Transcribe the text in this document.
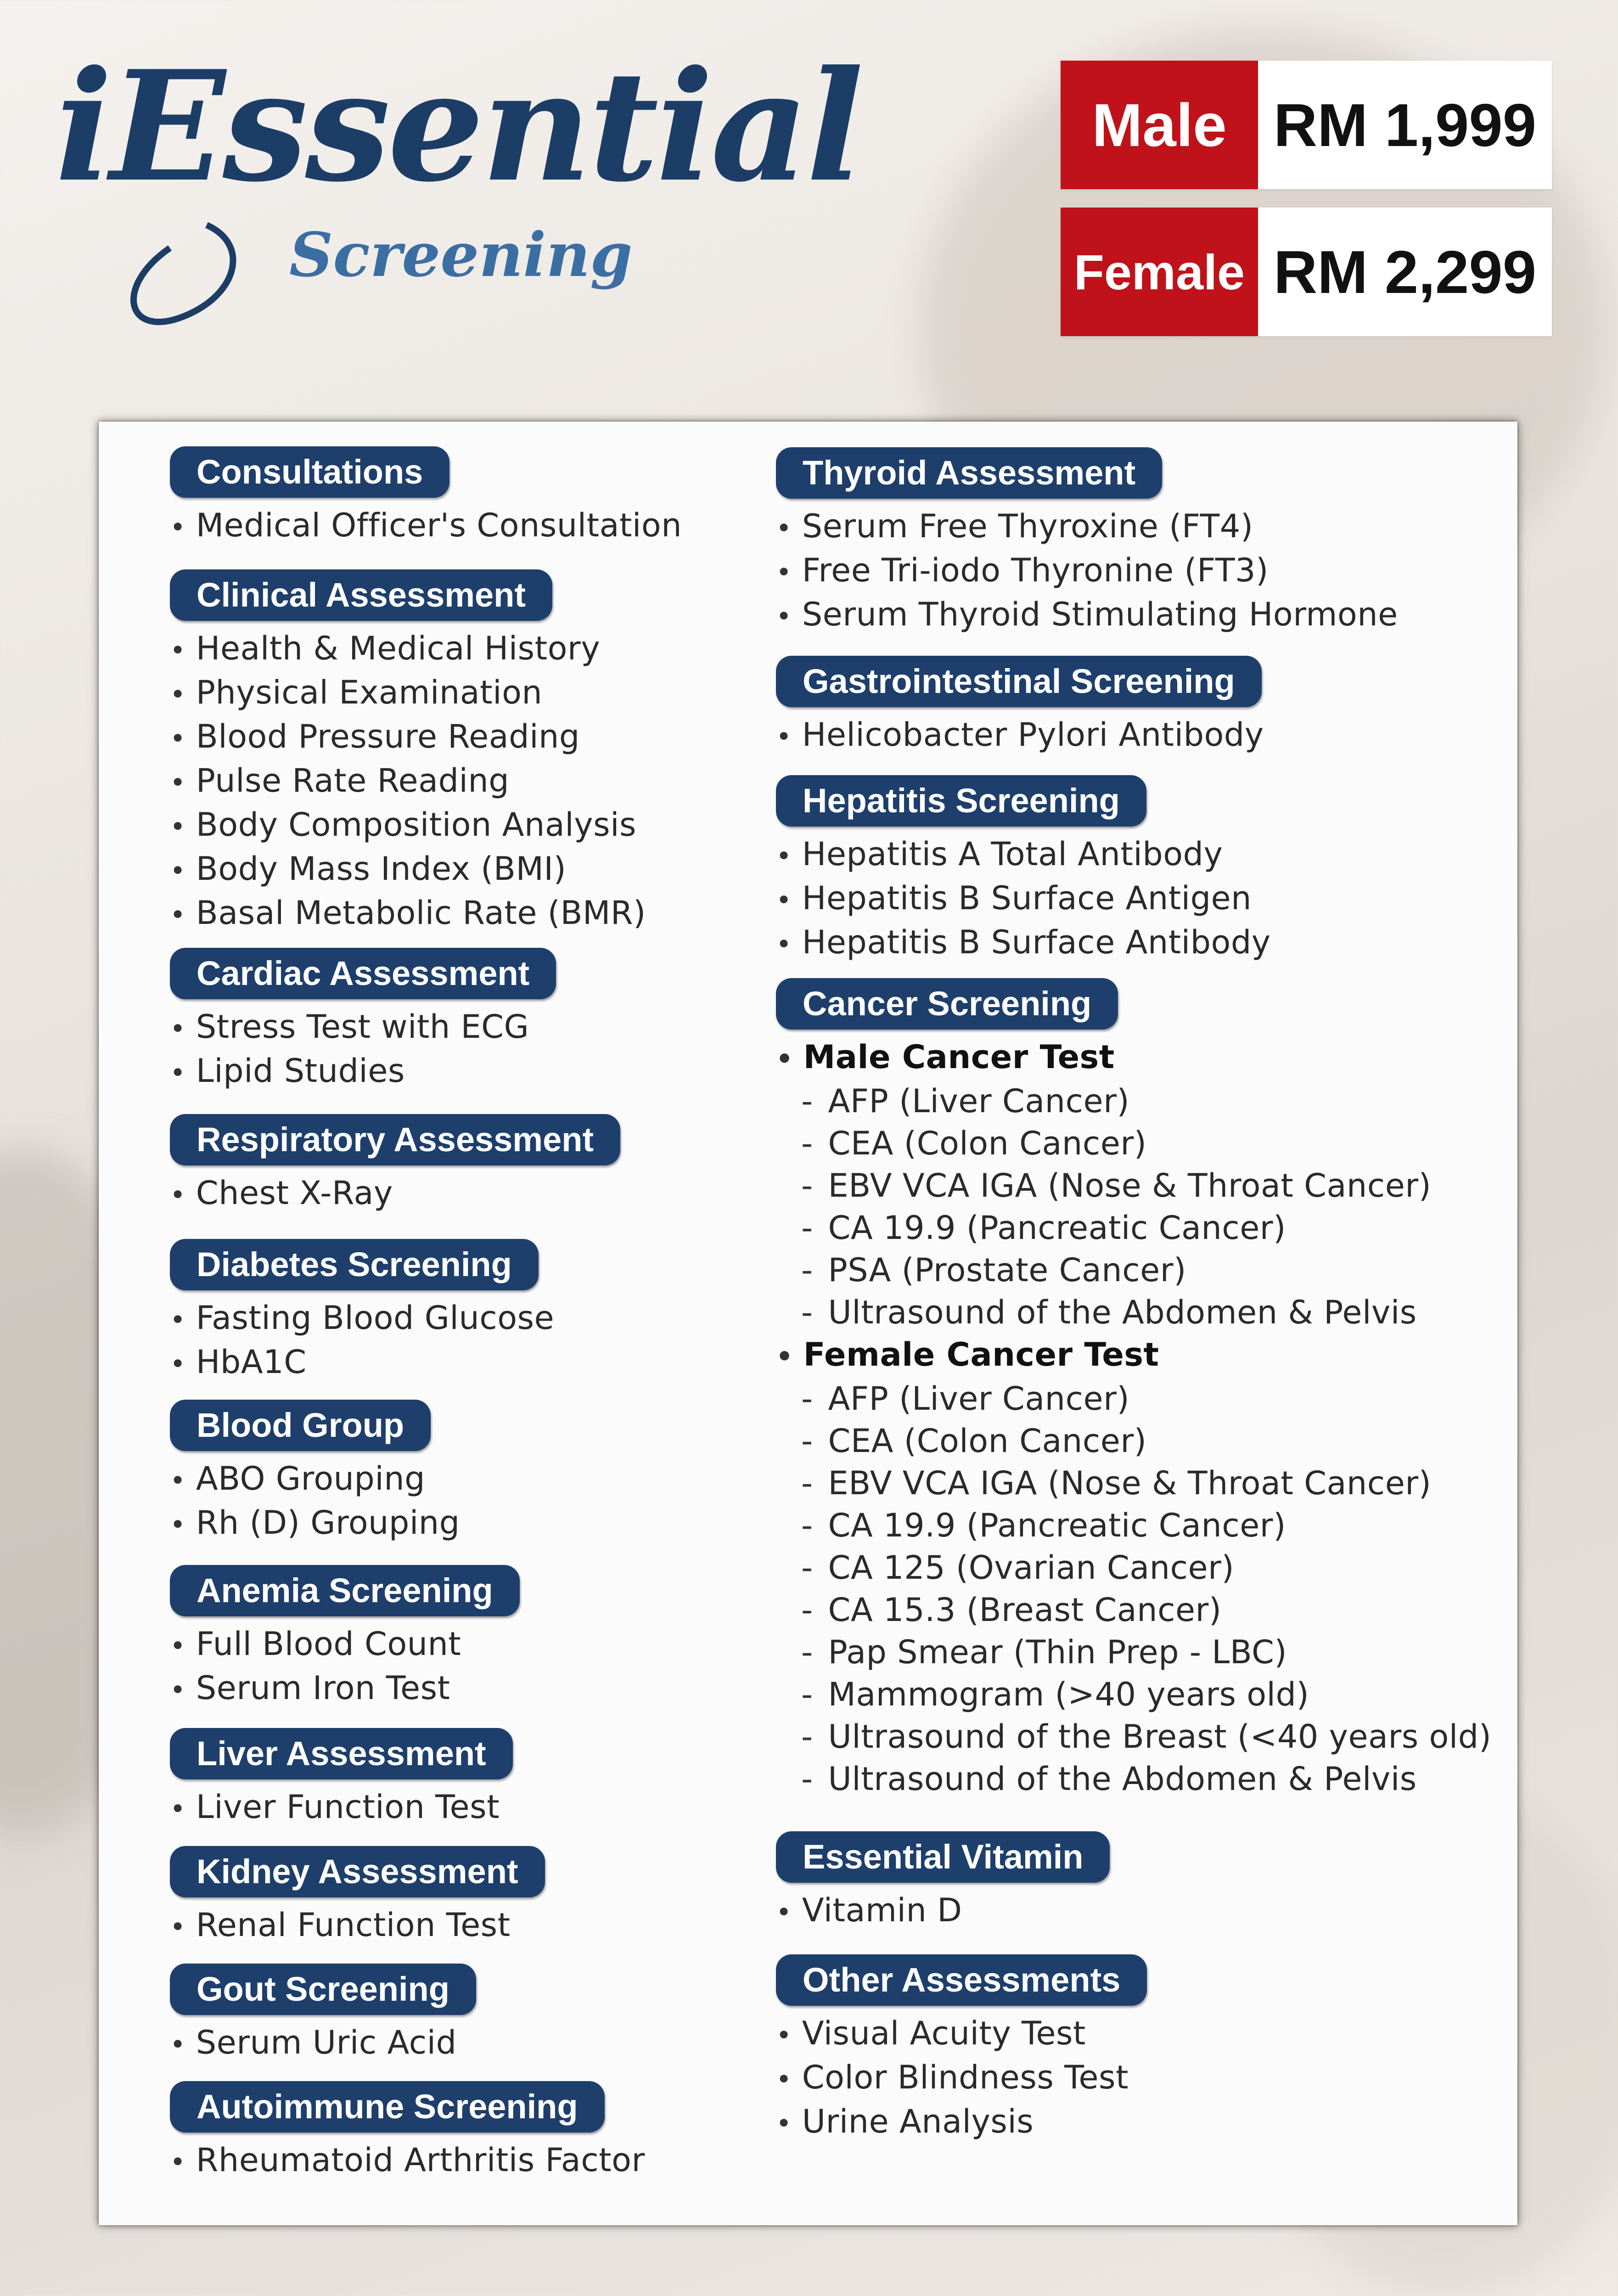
iEssential
Screening
Male RM 1,999
Female RM 2,299
Consultations
• Medical Officer's Consultation
Clinical Assessment
• Health & Medical History
• Physical Examination
• Blood Pressure Reading
• Pulse Rate Reading
• Body Composition Analysis
• Body Mass Index (BMI)
• Basal Metabolic Rate (BMR)
Cardiac Assessment
• Stress Test with ECG
• Lipid Studies
Respiratory Assessment
• Chest X-Ray
Diabetes Screening
• Fasting Blood Glucose
• HbA1C
Blood Group
• ABO Grouping
• Rh (D) Grouping
Anemia Screening
• Full Blood Count
• Serum Iron Test
Liver Assessment
• Liver Function Test
Kidney Assessment
• Renal Function Test
Gout Screening
• Serum Uric Acid
Autoimmune Screening
• Rheumatoid Arthritis Factor
Thyroid Assessment
• Serum Free Thyroxine (FT4)
• Free Tri-iodo Thyronine (FT3)
• Serum Thyroid Stimulating Hormone
Gastrointestinal Screening
• Helicobacter Pylori Antibody
Hepatitis Screening
• Hepatitis A Total Antibody
• Hepatitis B Surface Antigen
• Hepatitis B Surface Antibody
Cancer Screening
• Male Cancer Test
- AFP (Liver Cancer)
- CEA (Colon Cancer)
- EBV VCA IGA (Nose & Throat Cancer)
- CA 19.9 (Pancreatic Cancer)
- PSA (Prostate Cancer)
- Ultrasound of the Abdomen & Pelvis
• Female Cancer Test
- AFP (Liver Cancer)
- CEA (Colon Cancer)
- EBV VCA IGA (Nose & Throat Cancer)
- CA 19.9 (Pancreatic Cancer)
- CA 125 (Ovarian Cancer)
- CA 15.3 (Breast Cancer)
- Pap Smear (Thin Prep - LBC)
- Mammogram (>40 years old)
- Ultrasound of the Breast (<40 years old)
- Ultrasound of the Abdomen & Pelvis
Essential Vitamin
• Vitamin D
Other Assessments
• Visual Acuity Test
• Color Blindness Test
• Urine Analysis
